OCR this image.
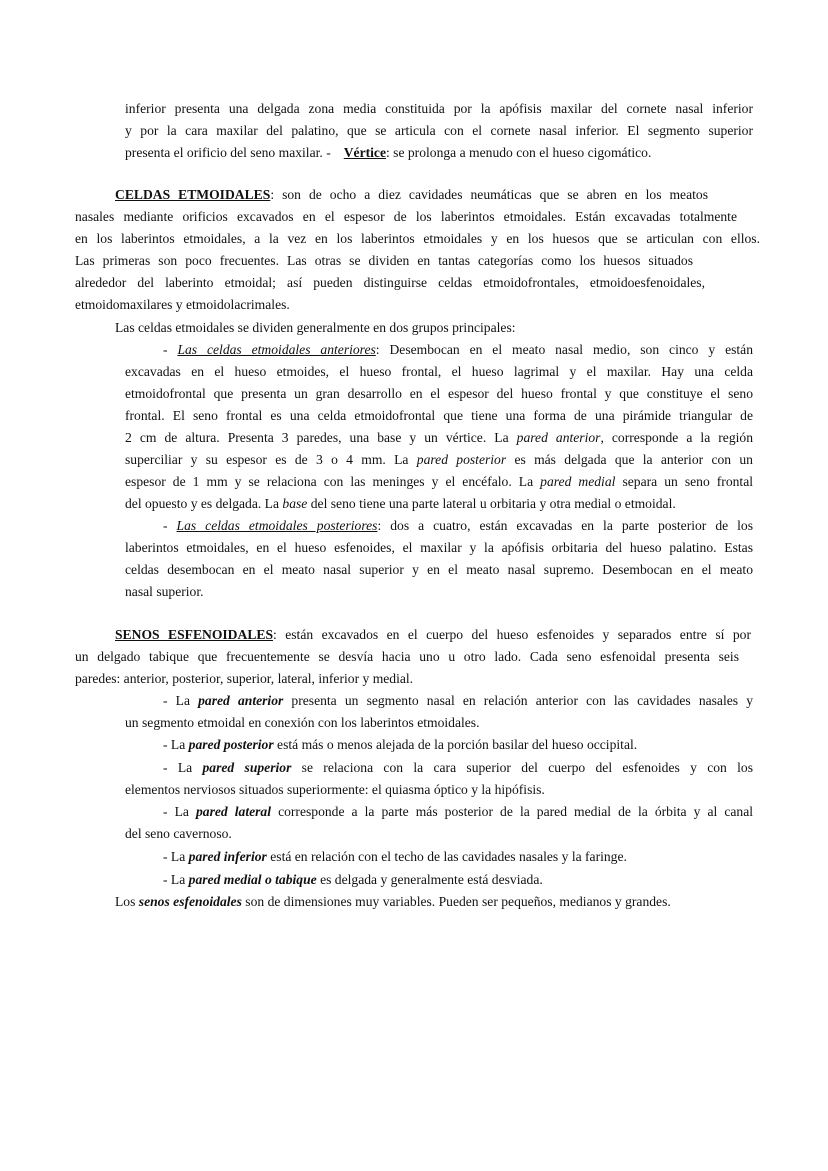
inferior presenta una delgada zona media constituida por la apófisis maxilar del cornete nasal inferior
y por la cara maxilar del palatino, que se articula con el cornete nasal inferior. El segmento superior
presenta el orificio del seno maxilar. - Vértice: se prolonga a menudo con el hueso cigomático.
CELDAS ETMOIDALES: son de ocho a diez cavidades neumáticas que se abren en los meatos
nasales mediante orificios excavados en el espesor de los laberintos etmoidales. Están excavadas totalmente
en los laberintos etmoidales, a la vez en los laberintos etmoidales y en los huesos que se articulan con ellos.
Las primeras son poco frecuentes. Las otras se dividen en tantas categorías como los huesos situados
alrededor del laberinto etmoidal; así pueden distinguirse celdas etmoidofrontales, etmoidoesfenoidales,
etmoidomaxilares y etmoidolacrimales.
Las celdas etmoidales se dividen generalmente en dos grupos principales:
- Las celdas etmoidales anteriores: Desembocan en el meato nasal medio, son cinco y están
excavadas en el hueso etmoides, el hueso frontal, el hueso lagrimal y el maxilar. Hay una celda
etmoidofrontal que presenta un gran desarrollo en el espesor del hueso frontal y que constituye el seno
frontal. El seno frontal es una celda etmoidofrontal que tiene una forma de una pirámide triangular de
2 cm de altura. Presenta 3 paredes, una base y un vértice. La pared anterior, corresponde a la región
superciliar y su espesor es de 3 o 4 mm. La pared posterior es más delgada que la anterior con un
espesor de 1 mm y se relaciona con las meninges y el encéfalo. La pared medial separa un seno frontal
del opuesto y es delgada. La base del seno tiene una parte lateral u orbitaria y otra medial o etmoidal.
- Las celdas etmoidales posteriores: dos a cuatro, están excavadas en la parte posterior de los
laberintos etmoidales, en el hueso esfenoides, el maxilar y la apófisis orbitaria del hueso palatino. Estas
celdas desembocan en el meato nasal superior y en el meato nasal supremo. Desembocan en el meato
nasal superior.
SENOS ESFENOIDALES: están excavados en el cuerpo del hueso esfenoides y separados entre sí por
un delgado tabique que frecuentemente se desvía hacia uno u otro lado. Cada seno esfenoidal presenta seis
paredes: anterior, posterior, superior, lateral, inferior y medial.
- La pared anterior presenta un segmento nasal en relación anterior con las cavidades nasales y
un segmento etmoidal en conexión con los laberintos etmoidales.
- La pared posterior está más o menos alejada de la porción basilar del hueso occipital.
- La pared superior se relaciona con la cara superior del cuerpo del esfenoides y con los
elementos nerviosos situados superiormente: el quiasma óptico y la hipófisis.
- La pared lateral corresponde a la parte más posterior de la pared medial de la órbita y al canal
del seno cavernoso.
- La pared inferior está en relación con el techo de las cavidades nasales y la faringe.
- La pared medial o tabique es delgada y generalmente está desviada.
Los senos esfenoidales son de dimensiones muy variables. Pueden ser pequeños, medianos y grandes.
